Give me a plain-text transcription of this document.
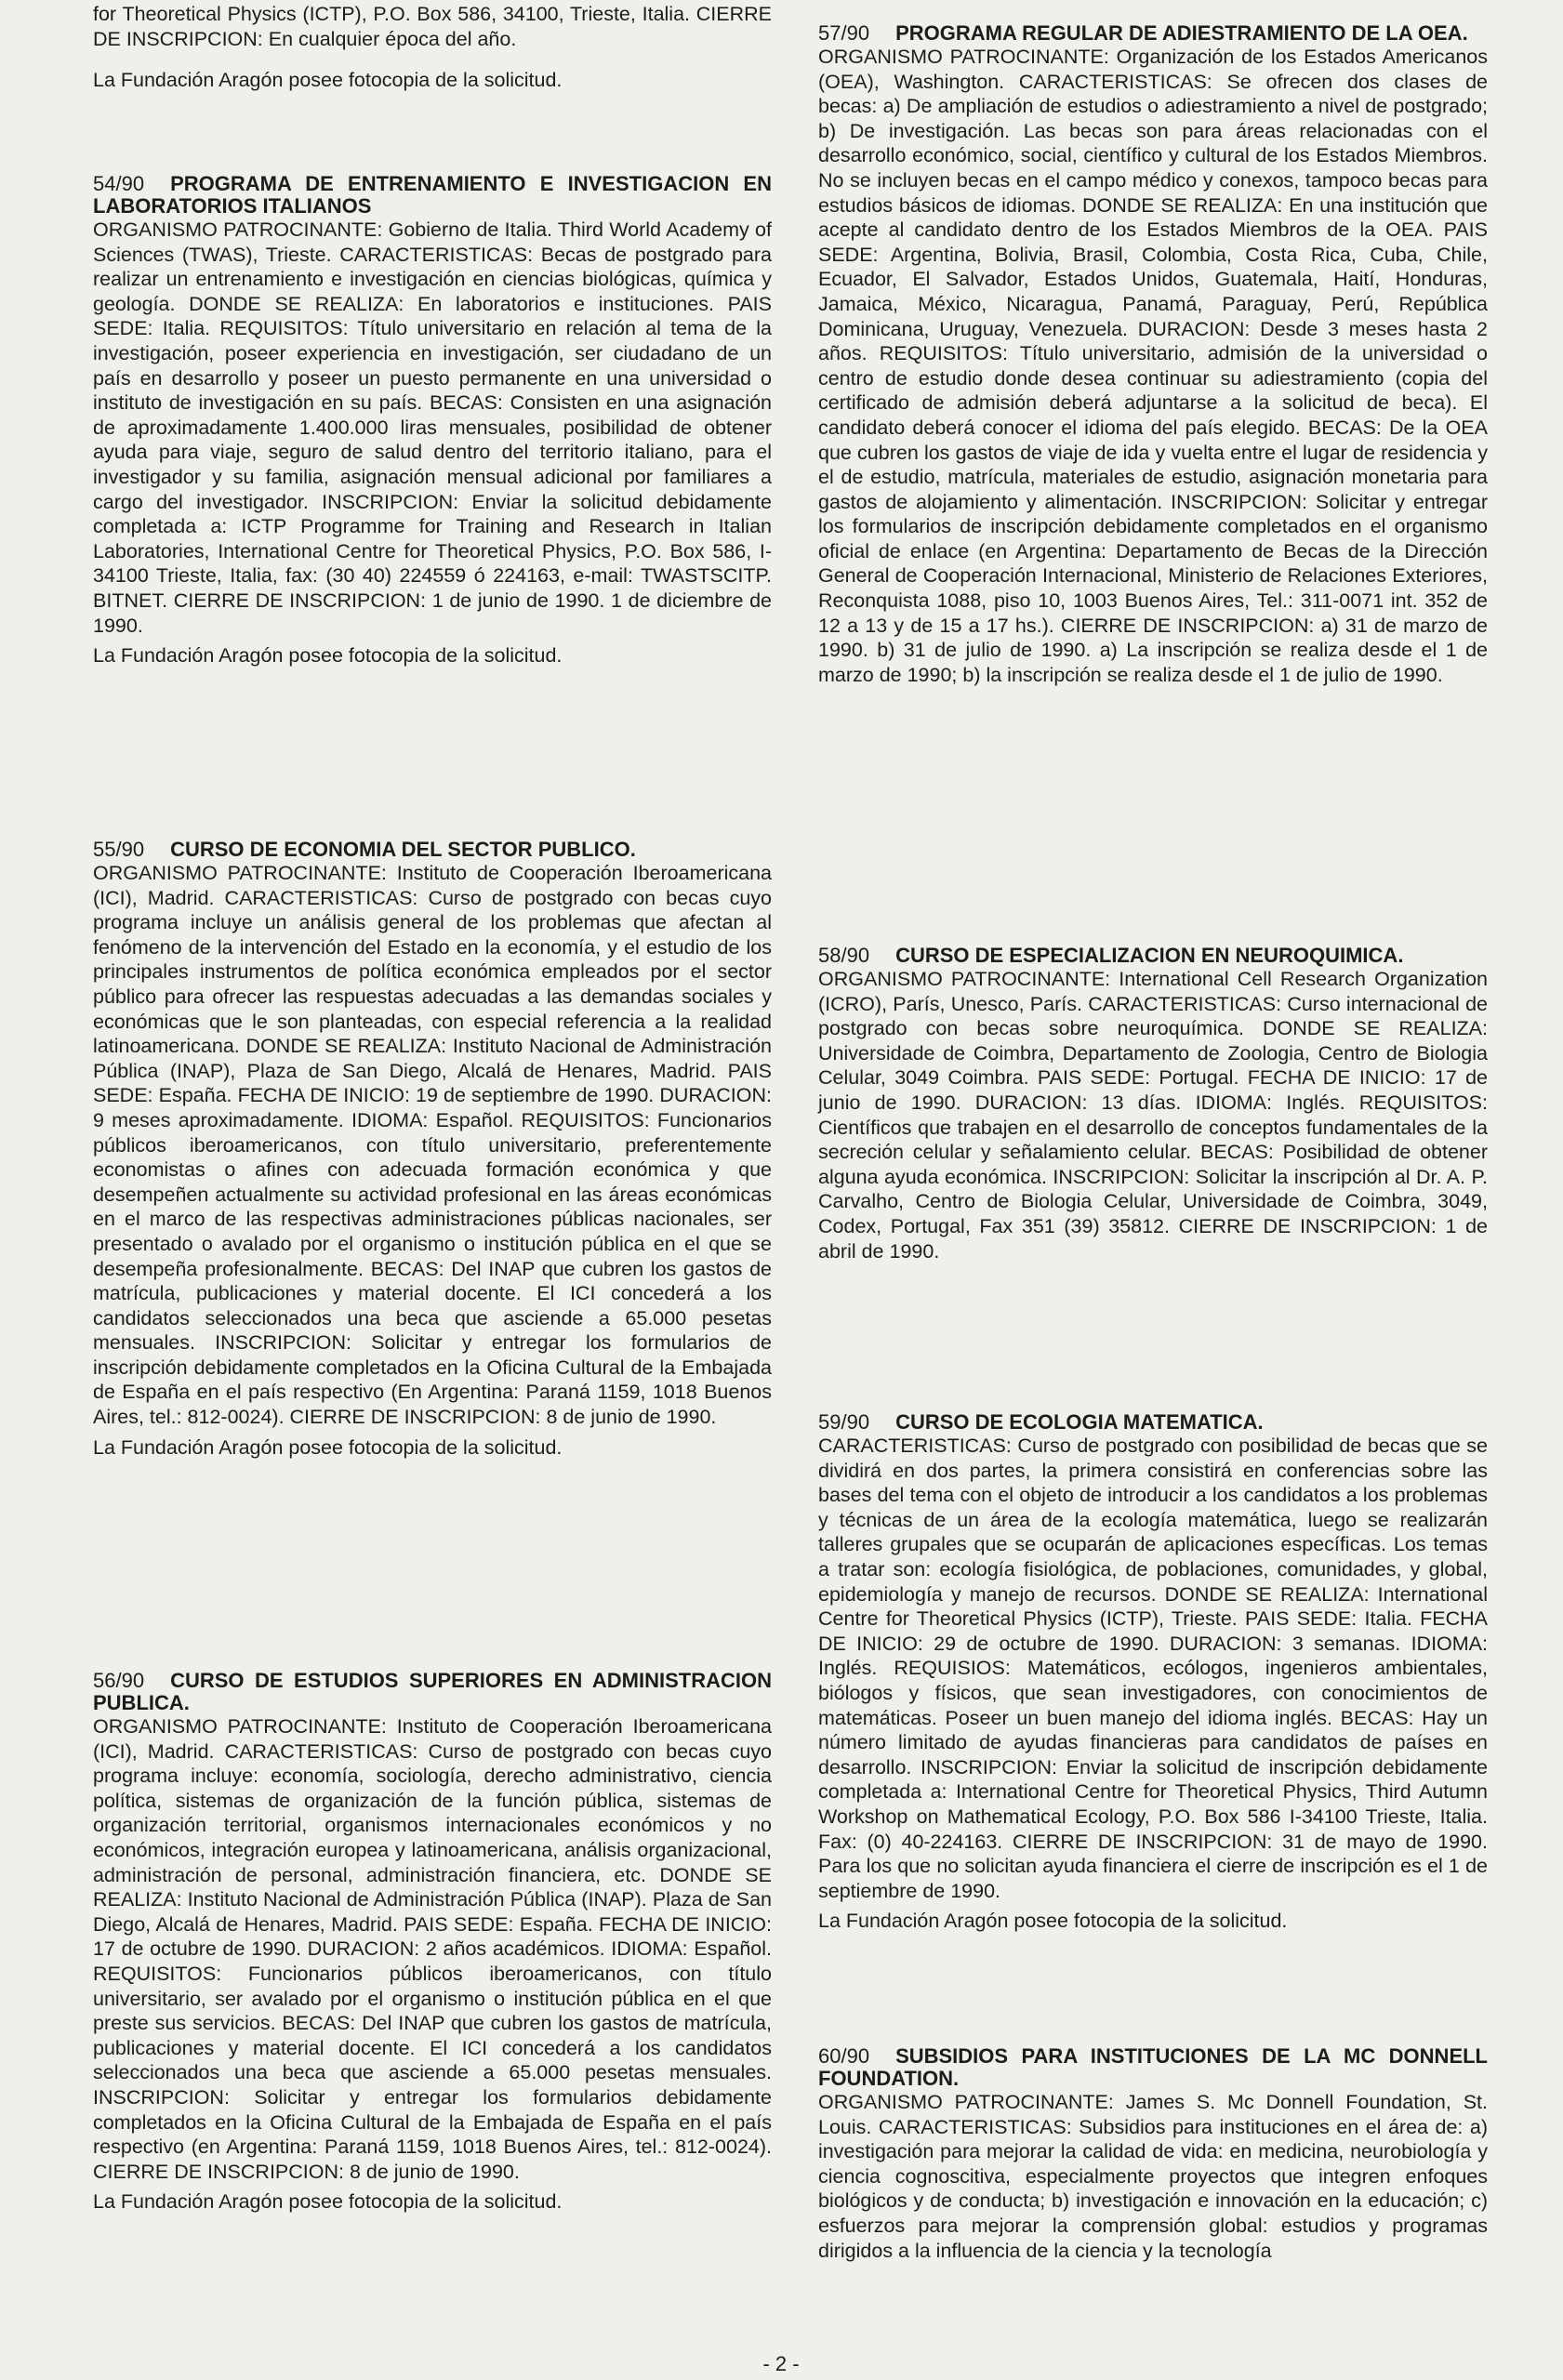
for Theoretical Physics (ICTP), P.O. Box 586, 34100, Trieste, Italia. CIERRE DE INSCRIPCION: En cualquier época del año.

La Fundación Aragón posee fotocopia de la solicitud.

54/90 PROGRAMA DE ENTRENAMIENTO E INVESTIGACION EN LABORATORIOS ITALIANOS

ORGANISMO PATROCINANTE: Gobierno de Italia. Third World Academy of Sciences (TWAS), Trieste. CARACTERISTICAS: Becas de postgrado para realizar un entrenamiento e investigación en ciencias biológicas, química y geología. DONDE SE REALIZA: En laboratorios e instituciones. PAIS SEDE: Italia. REQUISITOS: Título universitario en relación al tema de la investigación, poseer experiencia en investigación, ser ciudadano de un país en desarrollo y poseer un puesto permanente en una universidad o instituto de investigación en su país. BECAS: Consisten en una asignación de aproximadamente 1.400.000 liras mensuales, posibilidad de obtener ayuda para viaje, seguro de salud dentro del territorio italiano, para el investigador y su familia, asignación mensual adicional por familiares a cargo del investigador. INSCRIPCION: Enviar la solicitud debidamente completada a: ICTP Programme for Training and Research in Italian Laboratories, International Centre for Theoretical Physics, P.O. Box 586, I-34100 Trieste, Italia, fax: (30 40) 224559 ó 224163, e-mail: TWASTSCITP. BITNET. CIERRE DE INSCRIPCION: 1 de junio de 1990. 1 de diciembre de 1990.

La Fundación Aragón posee fotocopia de la solicitud.

55/90 CURSO DE ECONOMIA DEL SECTOR PUBLICO.

ORGANISMO PATROCINANTE: Instituto de Cooperación Iberoamericana (ICI), Madrid. CARACTERISTICAS: Curso de postgrado con becas cuyo programa incluye un análisis general de los problemas que afectan al fenómeno de la intervención del Estado en la economía, y el estudio de los principales instrumentos de política económica empleados por el sector público para ofrecer las respuestas adecuadas a las demandas sociales y económicas que le son planteadas, con especial referencia a la realidad latinoamericana. DONDE SE REALIZA: Instituto Nacional de Administración Pública (INAP), Plaza de San Diego, Alcalá de Henares, Madrid. PAIS SEDE: España. FECHA DE INICIO: 19 de septiembre de 1990. DURACION: 9 meses aproximadamente. IDIOMA: Español. REQUISITOS: Funcionarios públicos iberoamericanos, con título universitario, preferentemente economistas o afines con adecuada formación económica y que desempeñen actualmente su actividad profesional en las áreas económicas en el marco de las respectivas administraciones públicas nacionales, ser presentado o avalado por el organismo o institución pública en el que se desempeña profesionalmente. BECAS: Del INAP que cubren los gastos de matrícula, publicaciones y material docente. El ICI concederá a los candidatos seleccionados una beca que asciende a 65.000 pesetas mensuales. INSCRIPCION: Solicitar y entregar los formularios de inscripción debidamente completados en la Oficina Cultural de la Embajada de España en el país respectivo (En Argentina: Paraná 1159, 1018 Buenos Aires, tel.: 812-0024). CIERRE DE INSCRIPCION: 8 de junio de 1990.

La Fundación Aragón posee fotocopia de la solicitud.

56/90 CURSO DE ESTUDIOS SUPERIORES EN ADMINISTRACION PUBLICA.

ORGANISMO PATROCINANTE: Instituto de Cooperación Iberoamericana (ICI), Madrid. CARACTERISTICAS: Curso de postgrado con becas cuyo programa incluye: economía, sociología, derecho administrativo, ciencia política, sistemas de organización de la función pública, sistemas de organización territorial, organismos internacionales económicos y no económicos, integración europea y latinoamericana, análisis organizacional, administración de personal, administración financiera, etc. DONDE SE REALIZA: Instituto Nacional de Administración Pública (INAP). Plaza de San Diego, Alcalá de Henares, Madrid. PAIS SEDE: España. FECHA DE INICIO: 17 de octubre de 1990. DURACION: 2 años académicos. IDIOMA: Español. REQUISITOS: Funcionarios públicos iberoamericanos, con título universitario, ser avalado por el organismo o institución pública en el que preste sus servicios. BECAS: Del INAP que cubren los gastos de matrícula, publicaciones y material docente. El ICI concederá a los candidatos seleccionados una beca que asciende a 65.000 pesetas mensuales. INSCRIPCION: Solicitar y entregar los formularios debidamente completados en la Oficina Cultural de la Embajada de España en el país respectivo (en Argentina: Paraná 1159, 1018 Buenos Aires, tel.: 812-0024). CIERRE DE INSCRIPCION: 8 de junio de 1990.

La Fundación Aragón posee fotocopia de la solicitud.

57/90 PROGRAMA REGULAR DE ADIESTRAMIENTO DE LA OEA.

ORGANISMO PATROCINANTE: Organización de los Estados Americanos (OEA), Washington. CARACTERISTICAS: Se ofrecen dos clases de becas: a) De ampliación de estudios o adiestramiento a nivel de postgrado; b) De investigación. Las becas son para áreas relacionadas con el desarrollo económico, social, científico y cultural de los Estados Miembros. No se incluyen becas en el campo médico y conexos, tampoco becas para estudios básicos de idiomas. DONDE SE REALIZA: En una institución que acepte al candidato dentro de los Estados Miembros de la OEA. PAIS SEDE: Argentina, Bolivia, Brasil, Colombia, Costa Rica, Cuba, Chile, Ecuador, El Salvador, Estados Unidos, Guatemala, Haití, Honduras, Jamaica, México, Nicaragua, Panamá, Paraguay, Perú, República Dominicana, Uruguay, Venezuela. DURACION: Desde 3 meses hasta 2 años. REQUISITOS: Título universitario, admisión de la universidad o centro de estudio donde desea continuar su adiestramiento (copia del certificado de admisión deberá adjuntarse a la solicitud de beca). El candidato deberá conocer el idioma del país elegido. BECAS: De la OEA que cubren los gastos de viaje de ida y vuelta entre el lugar de residencia y el de estudio, matrícula, materiales de estudio, asignación monetaria para gastos de alojamiento y alimentación. INSCRIPCION: Solicitar y entregar los formularios de inscripción debidamente completados en el organismo oficial de enlace (en Argentina: Departamento de Becas de la Dirección General de Cooperación Internacional, Ministerio de Relaciones Exteriores, Reconquista 1088, piso 10, 1003 Buenos Aires, Tel.: 311-0071 int. 352 de 12 a 13 y de 15 a 17 hs.). CIERRE DE INSCRIPCION: a) 31 de marzo de 1990. b) 31 de julio de 1990. a) La inscripción se realiza desde el 1 de marzo de 1990; b) la inscripción se realiza desde el 1 de julio de 1990.

58/90 CURSO DE ESPECIALIZACION EN NEUROQUIMICA.

ORGANISMO PATROCINANTE: International Cell Research Organization (ICRO), París, Unesco, París. CARACTERISTICAS: Curso internacional de postgrado con becas sobre neuroquímica. DONDE SE REALIZA: Universidade de Coimbra, Departamento de Zoologia, Centro de Biologia Celular, 3049 Coimbra. PAIS SEDE: Portugal. FECHA DE INICIO: 17 de junio de 1990. DURACION: 13 días. IDIOMA: Inglés. REQUISITOS: Científicos que trabajen en el desarrollo de conceptos fundamentales de la secreción celular y señalamiento celular. BECAS: Posibilidad de obtener alguna ayuda económica. INSCRIPCION: Solicitar la inscripción al Dr. A. P. Carvalho, Centro de Biologia Celular, Universidade de Coimbra, 3049, Codex, Portugal, Fax 351 (39) 35812. CIERRE DE INSCRIPCION: 1 de abril de 1990.

59/90 CURSO DE ECOLOGIA MATEMATICA.

CARACTERISTICAS: Curso de postgrado con posibilidad de becas que se dividirá en dos partes, la primera consistirá en conferencias sobre las bases del tema con el objeto de introducir a los candidatos a los problemas y técnicas de un área de la ecología matemática, luego se realizarán talleres grupales que se ocuparán de aplicaciones específicas. Los temas a tratar son: ecología fisiológica, de poblaciones, comunidades, y global, epidemiología y manejo de recursos. DONDE SE REALIZA: International Centre for Theoretical Physics (ICTP), Trieste. PAIS SEDE: Italia. FECHA DE INICIO: 29 de octubre de 1990. DURACION: 3 semanas. IDIOMA: Inglés. REQUISIOS: Matemáticos, ecólogos, ingenieros ambientales, biólogos y físicos, que sean investigadores, con conocimientos de matemáticas. Poseer un buen manejo del idioma inglés. BECAS: Hay un número limitado de ayudas financieras para candidatos de países en desarrollo. INSCRIPCION: Enviar la solicitud de inscripción debidamente completada a: International Centre for Theoretical Physics, Third Autumn Workshop on Mathematical Ecology, P.O. Box 586 I-34100 Trieste, Italia. Fax: (0) 40-224163. CIERRE DE INSCRIPCION: 31 de mayo de 1990. Para los que no solicitan ayuda financiera el cierre de inscripción es el 1 de septiembre de 1990.

La Fundación Aragón posee fotocopia de la solicitud.

60/90 SUBSIDIOS PARA INSTITUCIONES DE LA MC DONNELL FOUNDATION.

ORGANISMO PATROCINANTE: James S. Mc Donnell Foundation, St. Louis. CARACTERISTICAS: Subsidios para instituciones en el área de: a) investigación para mejorar la calidad de vida: en medicina, neurobiología y ciencia cognoscitiva, especialmente proyectos que integren enfoques biológicos y de conducta; b) investigación e innovación en la educación; c) esfuerzos para mejorar la comprensión global: estudios y programas dirigidos a la influencia de la ciencia y la tecnología

- 2 -
